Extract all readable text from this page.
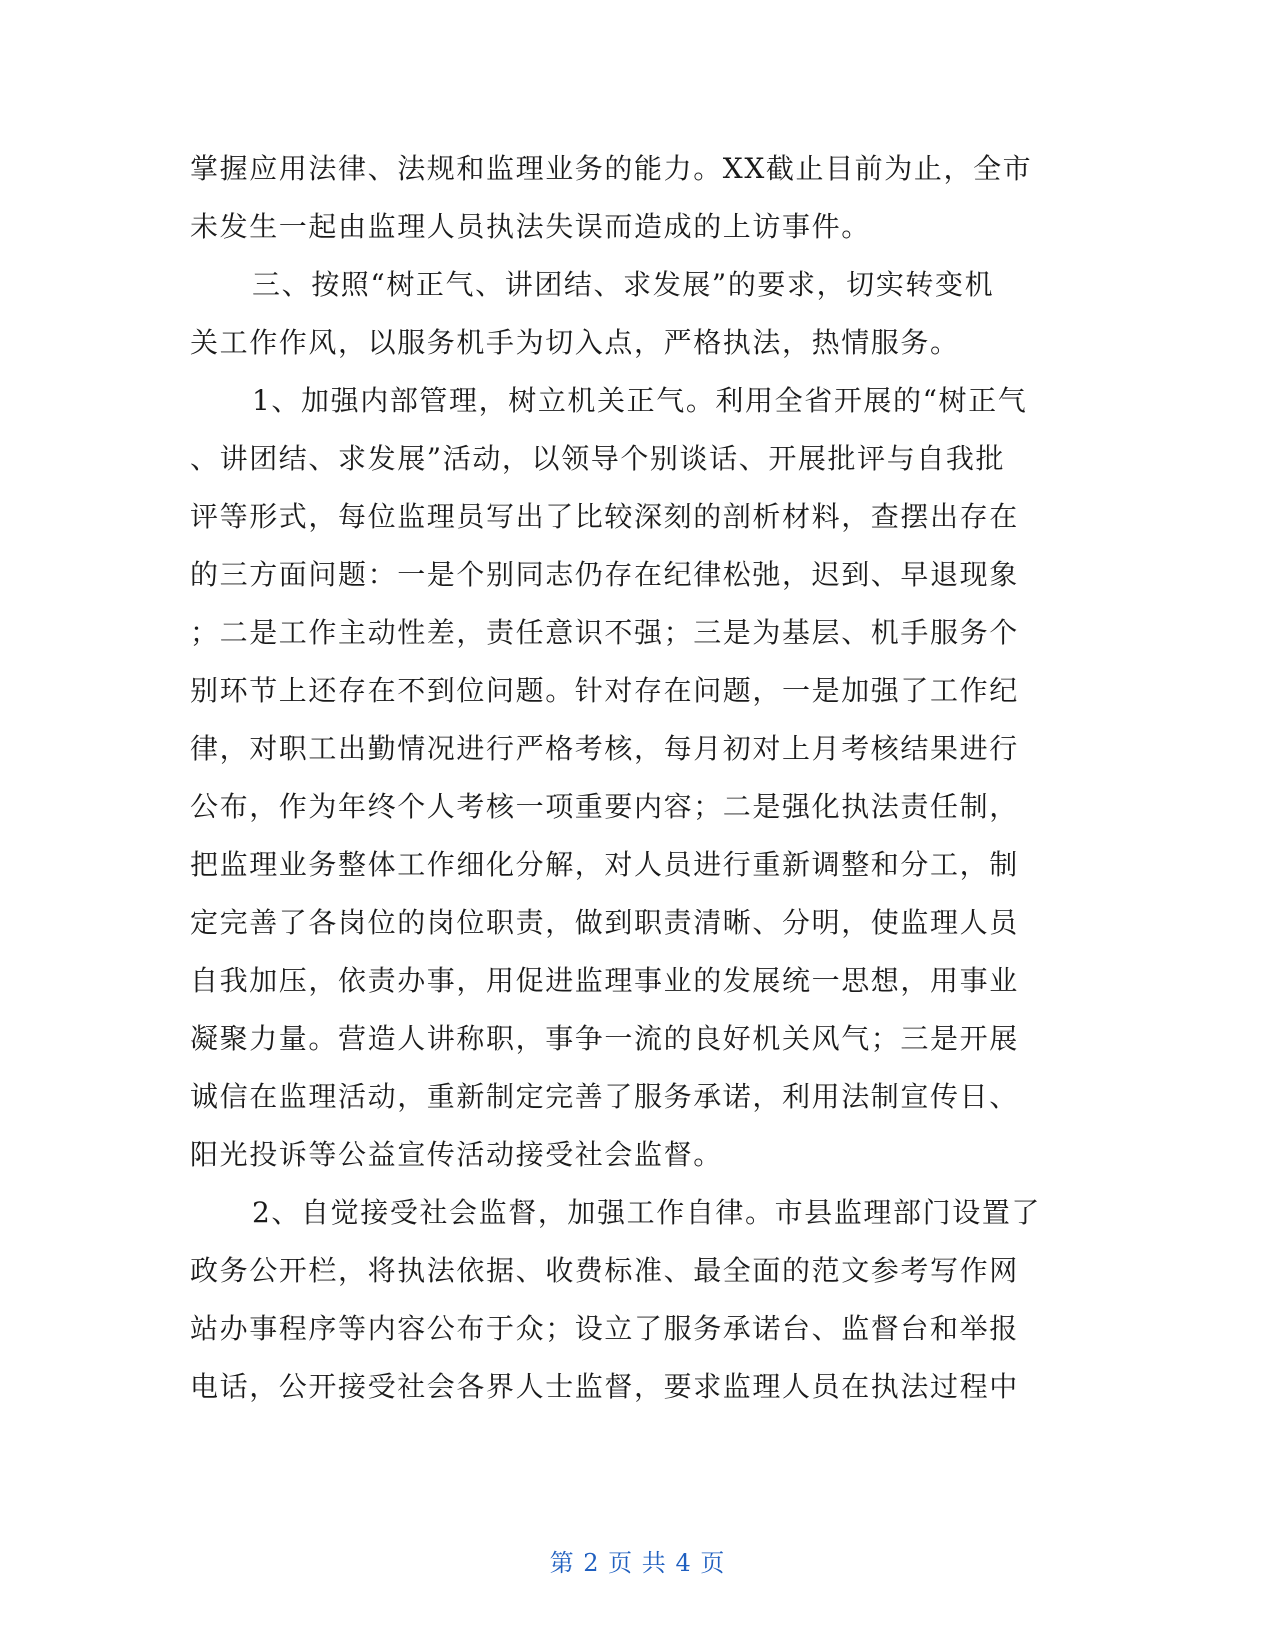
掌握应用法律、法规和监理业务的能力。XX截止目前为止，全市
未发生一起由监理人员执法失误而造成的上访事件。
三、按照“树正气、讲团结、求发展”的要求，切实转变机
关工作作风，以服务机手为切入点，严格执法，热情服务。
1、加强内部管理，树立机关正气。利用全省开展的“树正气
、讲团结、求发展”活动，以领导个别谈话、开展批评与自我批
评等形式，每位监理员写出了比较深刻的剖析材料，查摆出存在
的三方面问题：一是个别同志仍存在纪律松弛，迟到、早退现象
；二是工作主动性差，责任意识不强；三是为基层、机手服务个
别环节上还存在不到位问题。针对存在问题，一是加强了工作纪
律，对职工出勤情况进行严格考核，每月初对上月考核结果进行
公布，作为年终个人考核一项重要内容；二是强化执法责任制，
把监理业务整体工作细化分解，对人员进行重新调整和分工，制
定完善了各岗位的岗位职责，做到职责清晰、分明，使监理人员
自我加压，依责办事，用促进监理事业的发展统一思想，用事业
凝聚力量。营造人讲称职，事争一流的良好机关风气；三是开展
诚信在监理活动，重新制定完善了服务承诺，利用法制宣传日、
阳光投诉等公益宣传活动接受社会监督。
2、自觉接受社会监督，加强工作自律。市县监理部门设置了
政务公开栏，将执法依据、收费标准、最全面的范文参考写作网
站办事程序等内容公布于众；设立了服务承诺台、监督台和举报
电话，公开接受社会各界人士监督，要求监理人员在执法过程中
第 2 页 共 4 页
